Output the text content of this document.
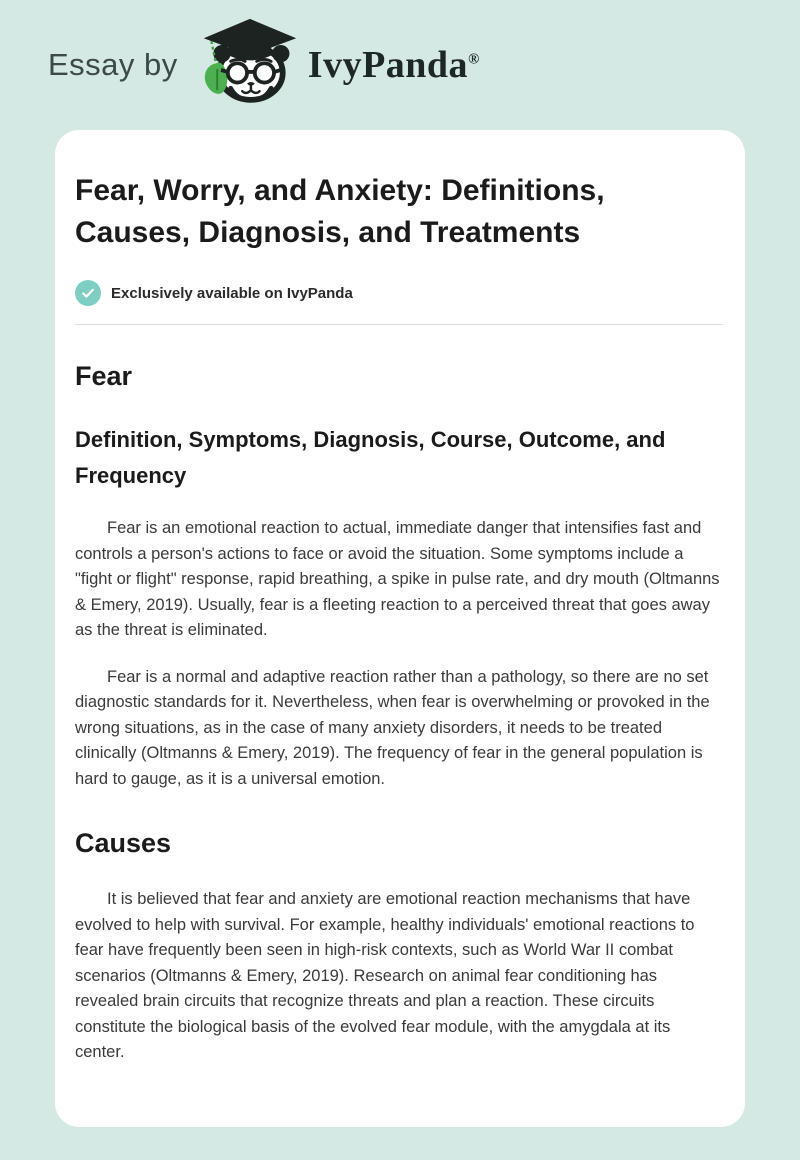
Essay by	IvyPanda®
Fear, Worry, and Anxiety: Definitions, Causes, Diagnosis, and Treatments
Exclusively available on IvyPanda
Fear
Definition, Symptoms, Diagnosis, Course, Outcome, and Frequency

Fear is an emotional reaction to actual, immediate danger that intensifies fast and controls a person's actions to face or avoid the situation. Some symptoms include a "fight or flight" response, rapid breathing, a spike in pulse rate, and dry mouth (Oltmanns & Emery, 2019). Usually, fear is a fleeting reaction to a perceived threat that goes away as the threat is eliminated.

Fear is a normal and adaptive reaction rather than a pathology, so there are no set diagnostic standards for it. Nevertheless, when fear is overwhelming or provoked in the wrong situations, as in the case of many anxiety disorders, it needs to be treated clinically (Oltmanns & Emery, 2019). The frequency of fear in the general population is hard to gauge, as it is a universal emotion.

Causes

It is believed that fear and anxiety are emotional reaction mechanisms that have evolved to help with survival. For example, healthy individuals' emotional reactions to fear have frequently been seen in high-risk contexts, such as World War II combat scenarios (Oltmanns & Emery, 2019). Research on animal fear conditioning has revealed brain circuits that recognize threats and plan a reaction. These circuits constitute the biological basis of the evolved fear module, with the amygdala at its center.
